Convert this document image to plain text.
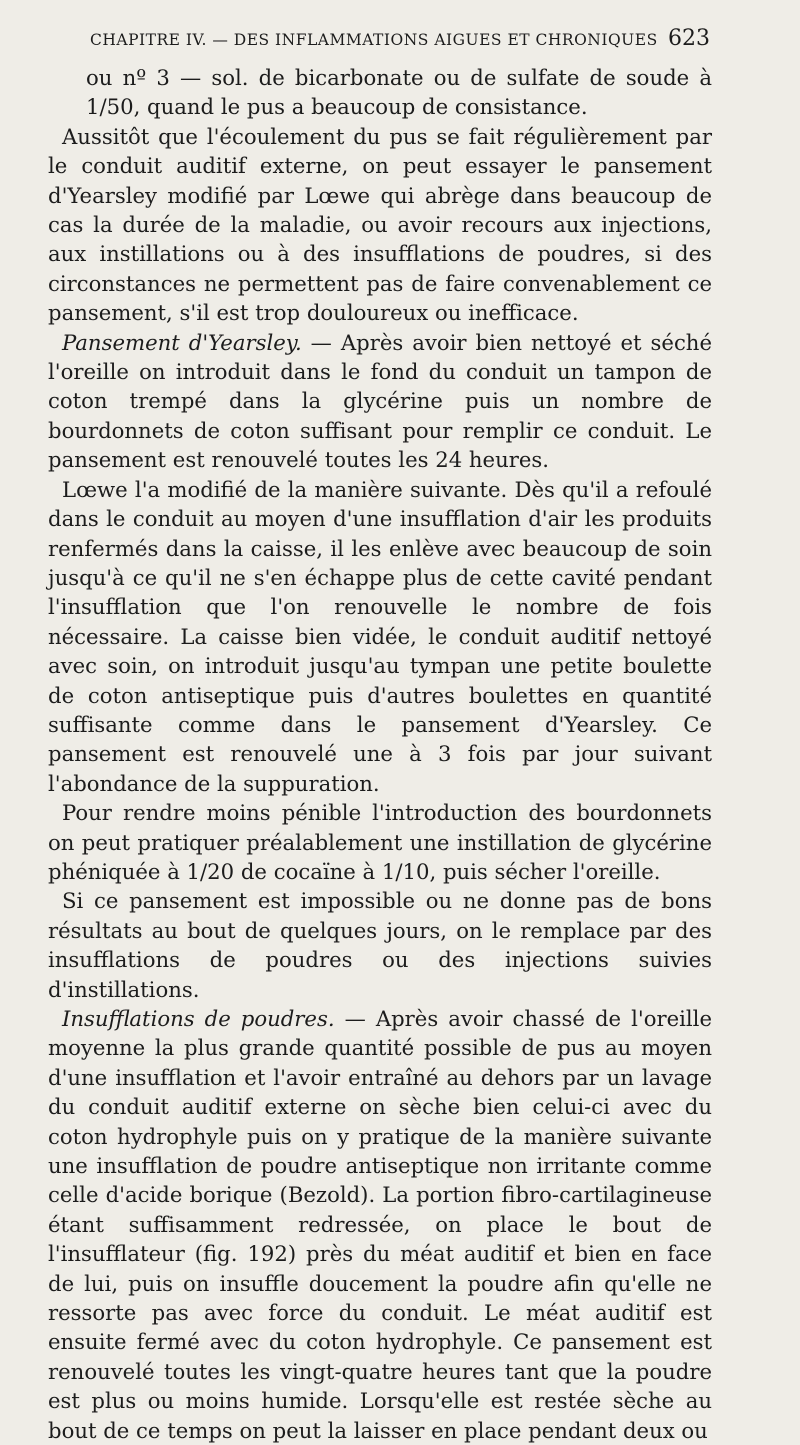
CHAPITRE IV. — DES INFLAMMATIONS AIGUES ET CHRONIQUES 623

ou nº 3 — sol. de bicarbonate ou de sulfate de soude à 1/50, quand le pus a beaucoup de consistance.

Aussitôt que l'écoulement du pus se fait régulièrement par le conduit auditif externe, on peut essayer le pansement d'Yearsley modifié par Lœwe qui abrège dans beaucoup de cas la durée de la maladie, ou avoir recours aux injections, aux instillations ou à des insufflations de poudres, si des circonstances ne permettent pas de faire convenablement ce pansement, s'il est trop douloureux ou inefficace.

Pansement d'Yearsley. — Après avoir bien nettoyé et séché l'oreille on introduit dans le fond du conduit un tampon de coton trempé dans la glycérine puis un nombre de bourdonnets de coton suffisant pour remplir ce conduit. Le pansement est renouvelé toutes les 24 heures.

Lœwe l'a modifié de la manière suivante. Dès qu'il a refoulé dans le conduit au moyen d'une insufflation d'air les produits renfermés dans la caisse, il les enlève avec beaucoup de soin jusqu'à ce qu'il ne s'en échappe plus de cette cavité pendant l'insufflation que l'on renouvelle le nombre de fois nécessaire. La caisse bien vidée, le conduit auditif nettoyé avec soin, on introduit jusqu'au tympan une petite boulette de coton antiseptique puis d'autres boulettes en quantité suffisante comme dans le pansement d'Yearsley. Ce pansement est renouvelé une à 3 fois par jour suivant l'abondance de la suppuration.

Pour rendre moins pénible l'introduction des bourdonnets on peut pratiquer préalablement une instillation de glycérine phéniquée à 1/20 de cocaïne à 1/10, puis sécher l'oreille.

Si ce pansement est impossible ou ne donne pas de bons résultats au bout de quelques jours, on le remplace par des insufflations de poudres ou des injections suivies d'instillations.

Insufflations de poudres. — Après avoir chassé de l'oreille moyenne la plus grande quantité possible de pus au moyen d'une insufflation et l'avoir entraîné au dehors par un lavage du conduit auditif externe on sèche bien celui-ci avec du coton hydrophyle puis on y pratique de la manière suivante une insufflation de poudre antiseptique non irritante comme celle d'acide borique (Bezold). La portion fibro-cartilagineuse étant suffisamment redressée, on place le bout de l'insufflateur (fig. 192) près du méat auditif et bien en face de lui, puis on insuffle doucement la poudre afin qu'elle ne ressorte pas avec force du conduit. Le méat auditif est ensuite fermé avec du coton hydrophyle. Ce pansement est renouvelé toutes les vingt-quatre heures tant que la poudre est plus ou moins humide. Lorsqu'elle est restée sèche au bout de ce temps on peut la laisser en place pendant deux ou
